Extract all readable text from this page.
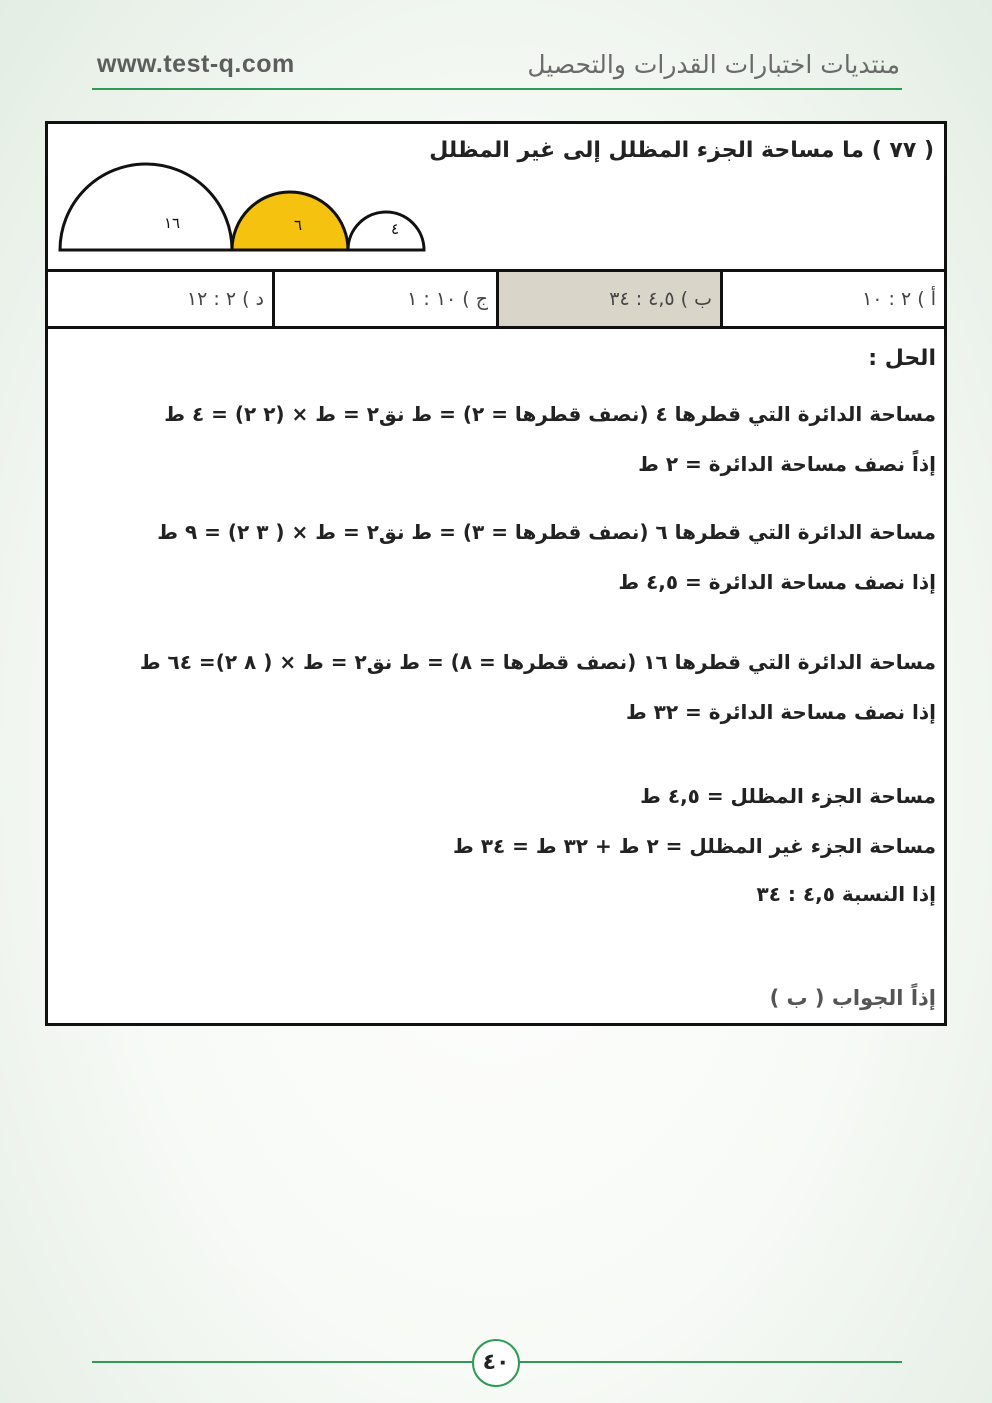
www.test-q.com	منتديات اختبارات القدرات والتحصيل
( ٧٧ ) ما مساحة الجزء المظلل إلى غير المظلل
١٦	٦	٤
أ ) ٢ : ١٠
ب ) ٤,٥ : ٣٤
ج ) ١٠ : ١
د ) ٢ : ١٢
الحل :
مساحة الدائرة التي قطرها ٤ (نصف قطرها = ٢) = ط نق٢ = ط × (٢ ٢) = ٤ ط
إذاً نصف مساحة الدائرة = ٢ ط
مساحة الدائرة التي قطرها ٦ (نصف قطرها = ٣) = ط نق٢ = ط × ( ٣ ٢) = ٩ ط
إذا نصف مساحة الدائرة = ٤,٥ ط
مساحة الدائرة التي قطرها ١٦ (نصف قطرها = ٨) = ط نق٢ = ط × ( ٨ ٢)= ٦٤ ط
إذا نصف مساحة الدائرة = ٣٢ ط
مساحة الجزء المظلل = ٤,٥ ط
مساحة الجزء غير المظلل = ٢ ط + ٣٢ ط = ٣٤ ط
إذا النسبة ٤,٥ : ٣٤
إذاً الجواب ( ب )
٤٠
